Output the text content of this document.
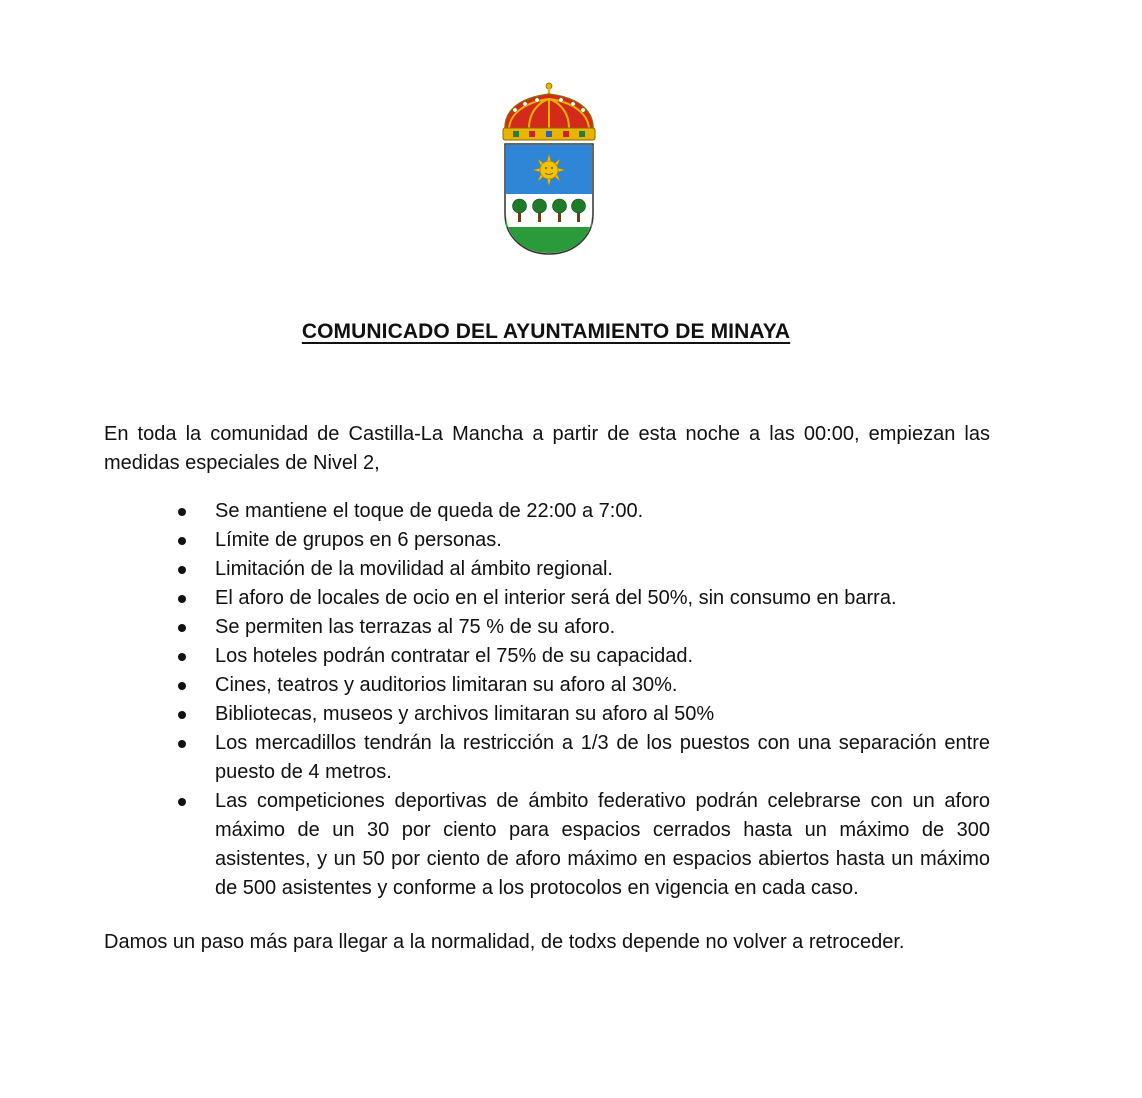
COMUNICADO DEL AYUNTAMIENTO DE MINAYA
En toda la comunidad de Castilla-La Mancha a partir de esta noche a las 00:00, empiezan las medidas especiales de Nivel 2,
Se mantiene el toque de queda de 22:00 a 7:00.
Límite de grupos en 6 personas.
Limitación de la movilidad al ámbito regional.
El aforo de locales de ocio en el interior será del 50%, sin consumo en barra.
Se permiten las terrazas al 75 % de su aforo.
Los hoteles podrán contratar el 75% de su capacidad.
Cines, teatros y auditorios limitaran su aforo al 30%.
Bibliotecas, museos y archivos limitaran su aforo al 50%
Los mercadillos tendrán la restricción a 1/3 de los puestos con una separación entre puesto de 4 metros.
Las competiciones deportivas de ámbito federativo podrán celebrarse con un aforo máximo de un 30 por ciento para espacios cerrados hasta un máximo de 300 asistentes, y un 50 por ciento de aforo máximo en espacios abiertos hasta un máximo de 500 asistentes y conforme a los protocolos en vigencia en cada caso.
Damos un paso más para llegar a la normalidad, de todxs depende no volver a retroceder.
